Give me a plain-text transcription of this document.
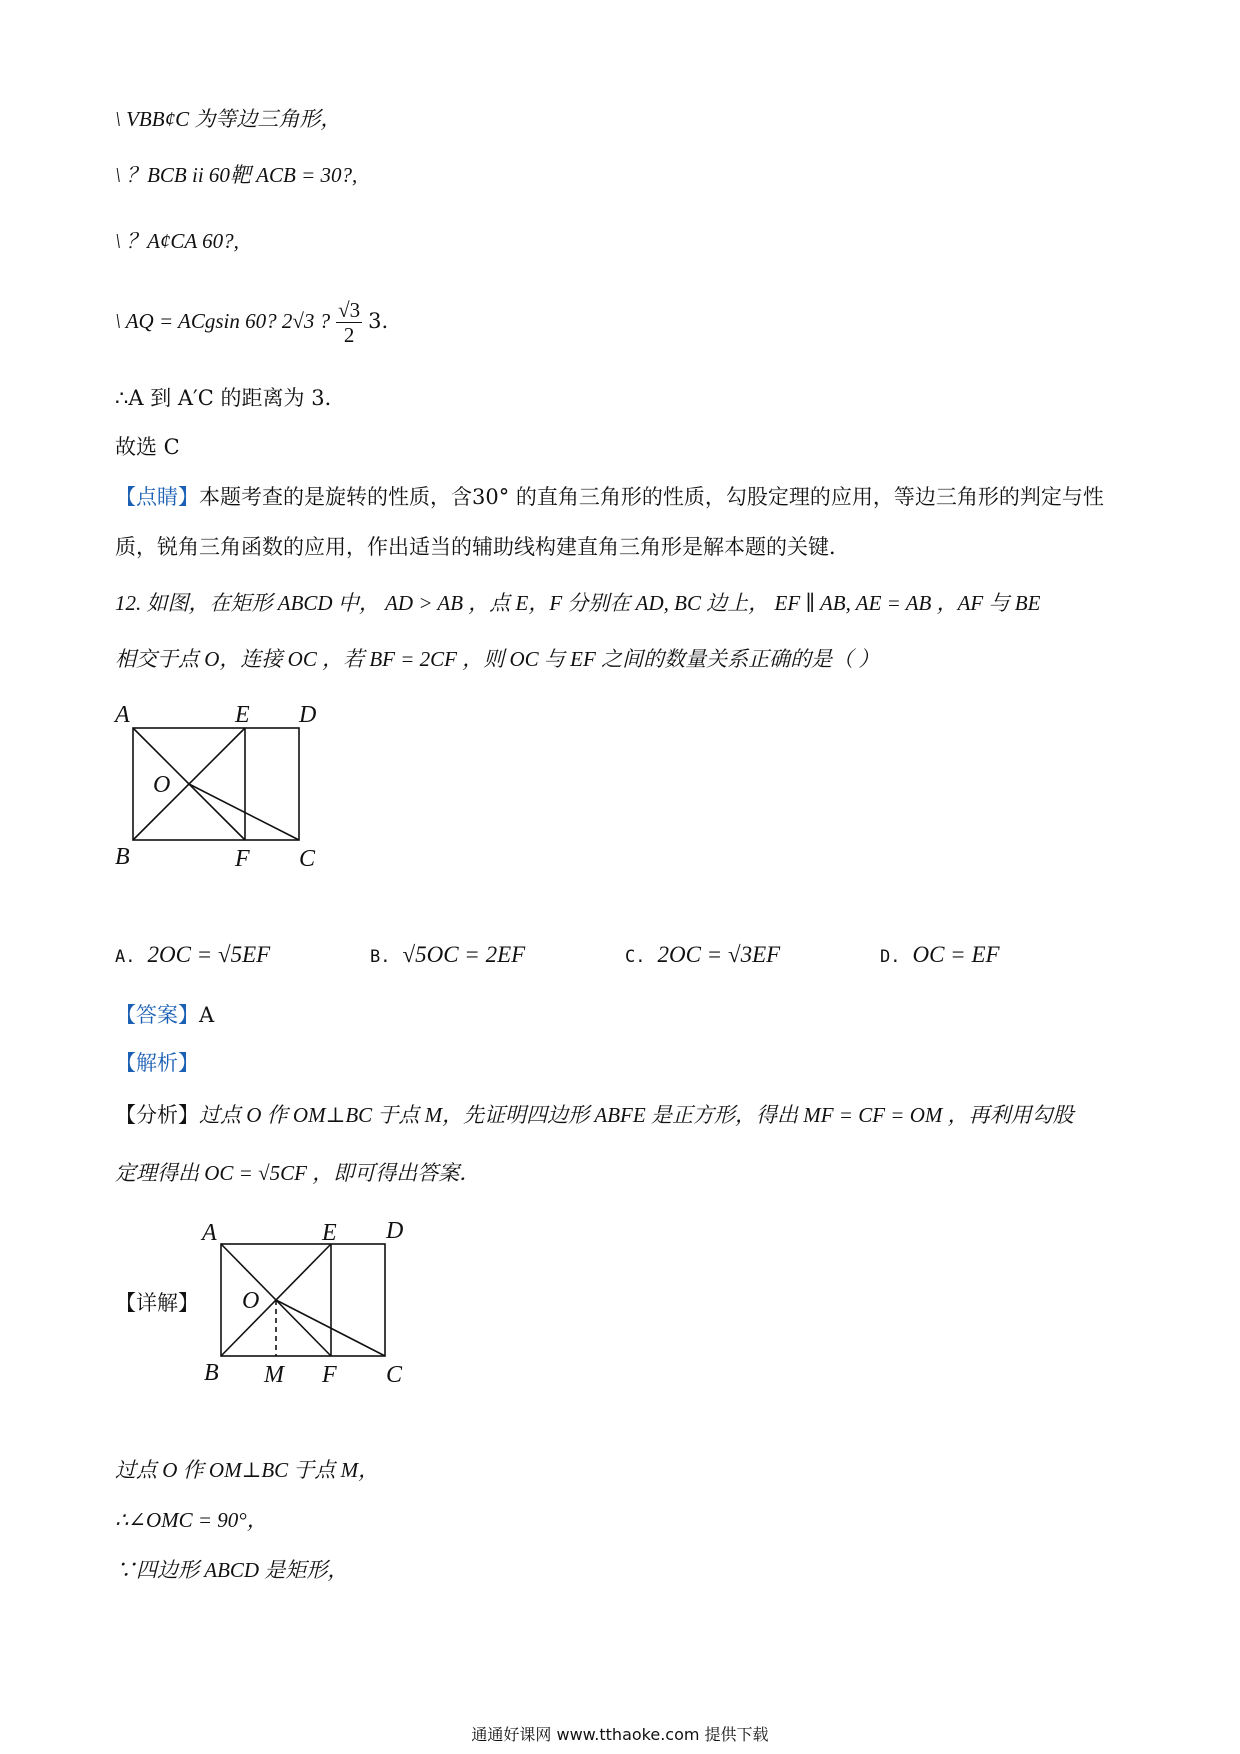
\ VBB¢C 为等边三角形，
\ ？BCB ii 60靶 ACB = 30?,
\ ？A¢CA 60?,
\ AQ = ACgsin 60? 2√3 ? $\frac{√3}{2} 3$.
∴A 到 A′C 的距离为 3．
故选 C
【点睛】本题考查的是旋转的性质，含30° 的直角三角形的性质，勾股定理的应用，等边三角形的判定与性
质，锐角三角函数的应用，作出适当的辅助线构建直角三角形是解本题的关键．
12. 如图，在矩形 ABCD 中， AD > AB ，点 E，F 分别在 AD, BC 边上， EF ∥ AB, AE = AB ，AF 与 BE
相交于点 O，连接 OC ，若 BF = 2CF ，则 OC 与 EF 之间的数量关系正确的是（ ）
A	E D
O
B	F C
A. 2OC = √5EF	B. √5OC = 2EF	C. 2OC = √3EF	D. OC = EF
【答案】A
【解析】
【分析】过点 O 作 OM⊥BC 于点 M，先证明四边形 ABFE 是正方形，得出 MF = CF = OM ，再利用勾股
定理得出 OC = √5CF ，即可得出答案．
【详解】
A	E D
O
B M F C
过点 O 作 OM⊥BC 于点 M，
∴∠OMC = 90°，
∵四边形 ABCD 是矩形，
通通好课网 www.tthaoke.com 提供下载
